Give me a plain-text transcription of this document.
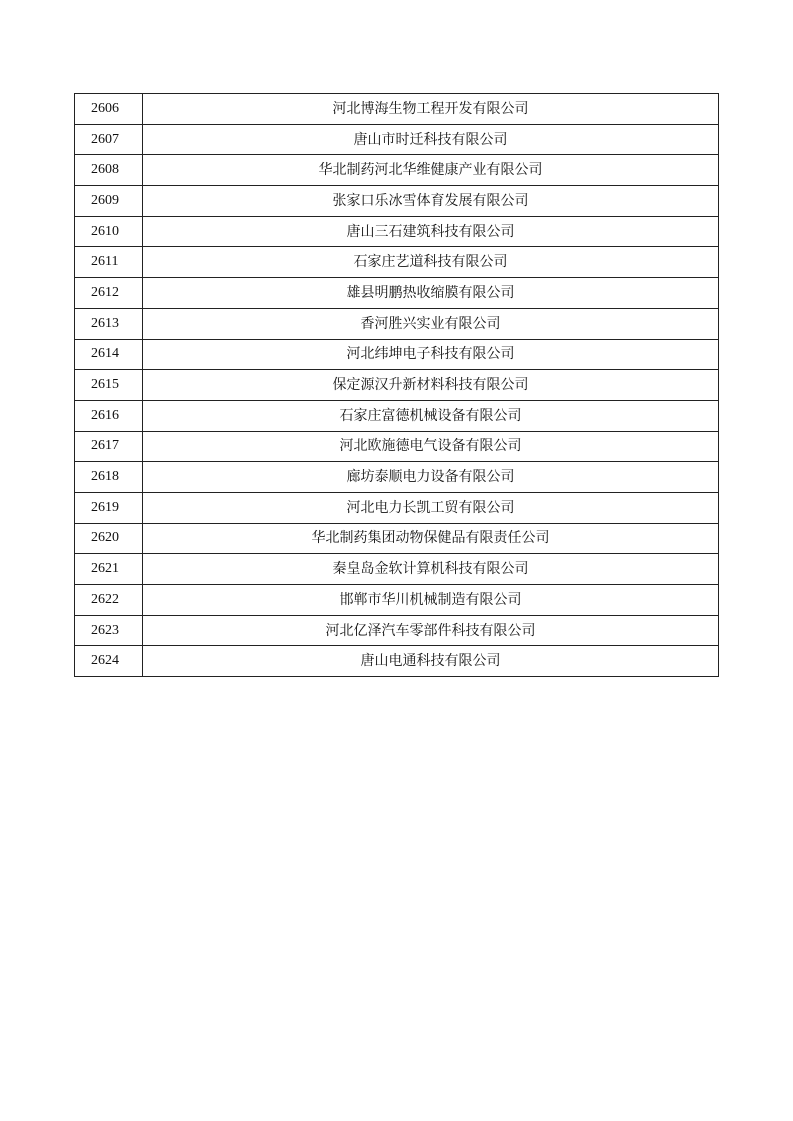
2606	河北博海生物工程开发有限公司
2607	唐山市时迁科技有限公司
2608	华北制药河北华维健康产业有限公司
2609	张家口乐冰雪体育发展有限公司
2610	唐山三石建筑科技有限公司
2611	石家庄艺道科技有限公司
2612	雄县明鹏热收缩膜有限公司
2613	香河胜兴实业有限公司
2614	河北纬坤电子科技有限公司
2615	保定源汉升新材料科技有限公司
2616	石家庄富德机械设备有限公司
2617	河北欧施德电气设备有限公司
2618	廊坊泰顺电力设备有限公司
2619	河北电力长凯工贸有限公司
2620	华北制药集团动物保健品有限责任公司
2621	秦皇岛金软计算机科技有限公司
2622	邯郸市华川机械制造有限公司
2623	河北亿泽汽车零部件科技有限公司
2624	唐山电通科技有限公司
